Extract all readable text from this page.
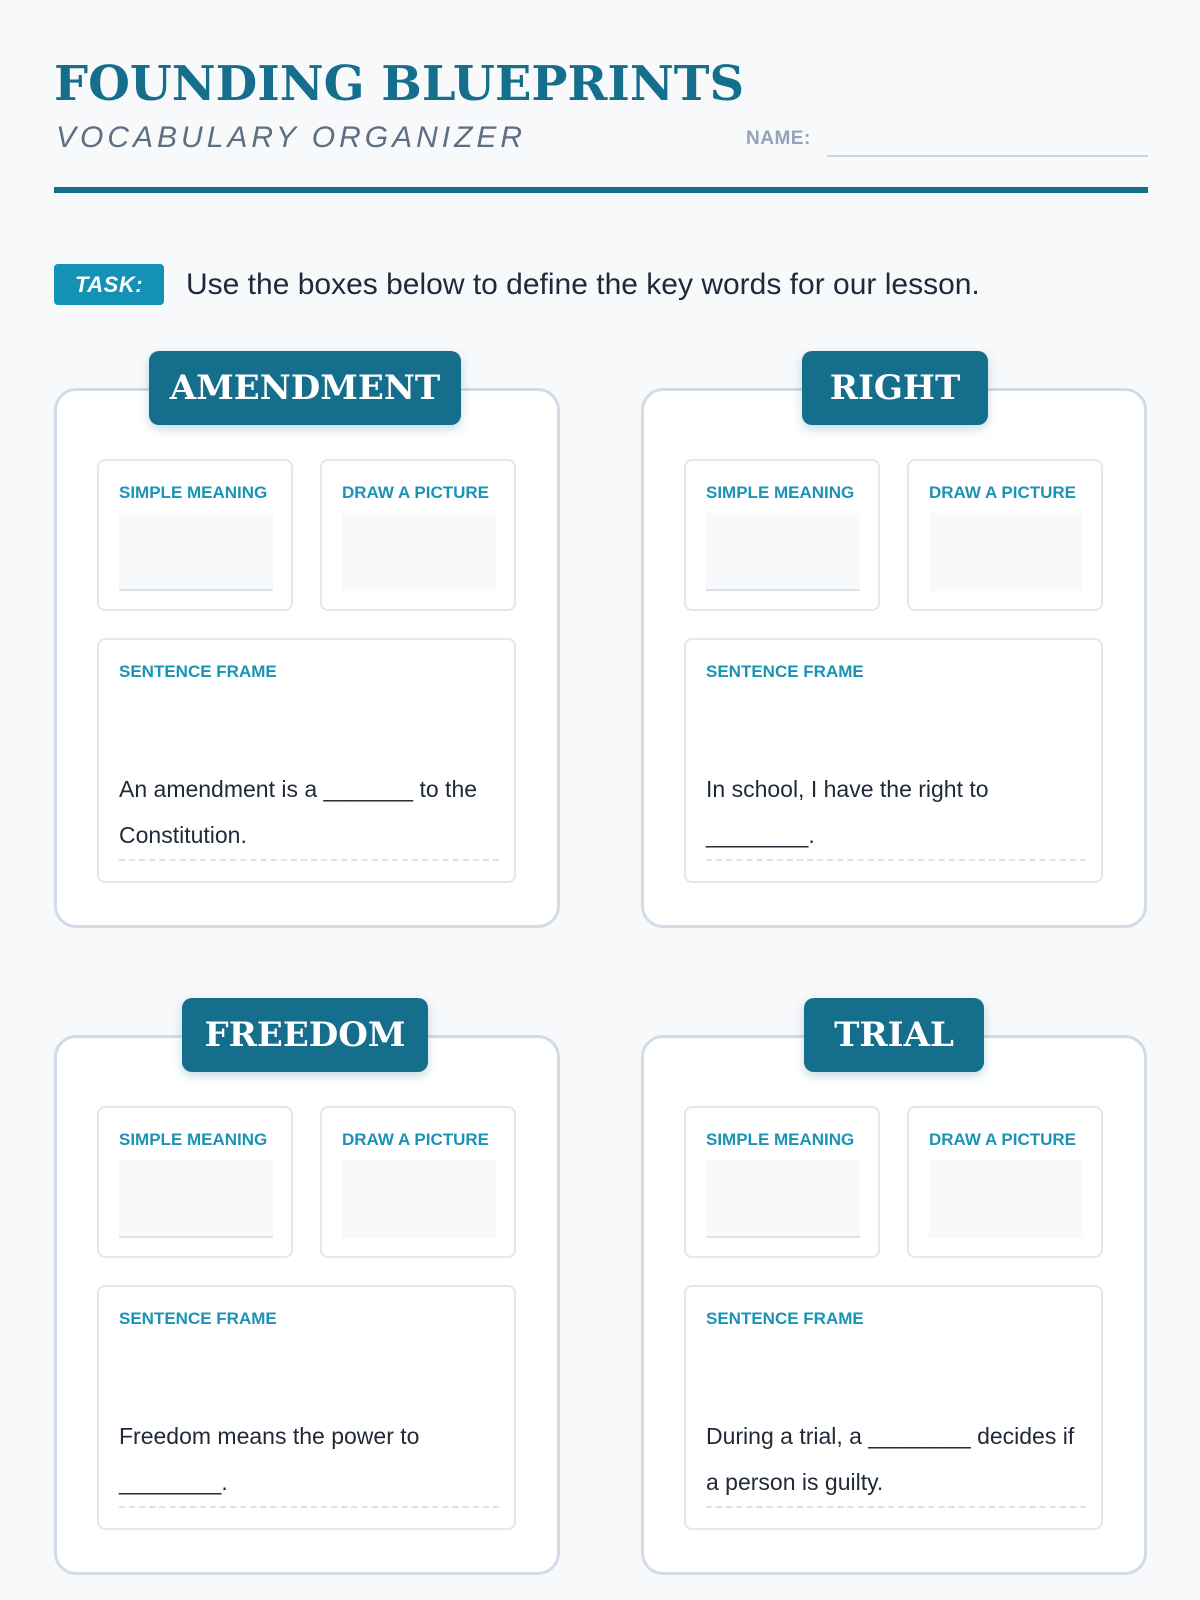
FOUNDING BLUEPRINTS
VOCABULARY ORGANIZER	NAME:
TASK:	Use the boxes below to define the key words for our lesson.
AMENDMENT
SIMPLE MEANING	DRAW A PICTURE
SENTENCE FRAME
An amendment is a _______ to the Constitution.
RIGHT
SIMPLE MEANING	DRAW A PICTURE
SENTENCE FRAME
In school, I have the right to ________.
FREEDOM
SIMPLE MEANING	DRAW A PICTURE
SENTENCE FRAME
Freedom means the power to ________.
TRIAL
SIMPLE MEANING	DRAW A PICTURE
SENTENCE FRAME
During a trial, a ________ decides if a person is guilty.
